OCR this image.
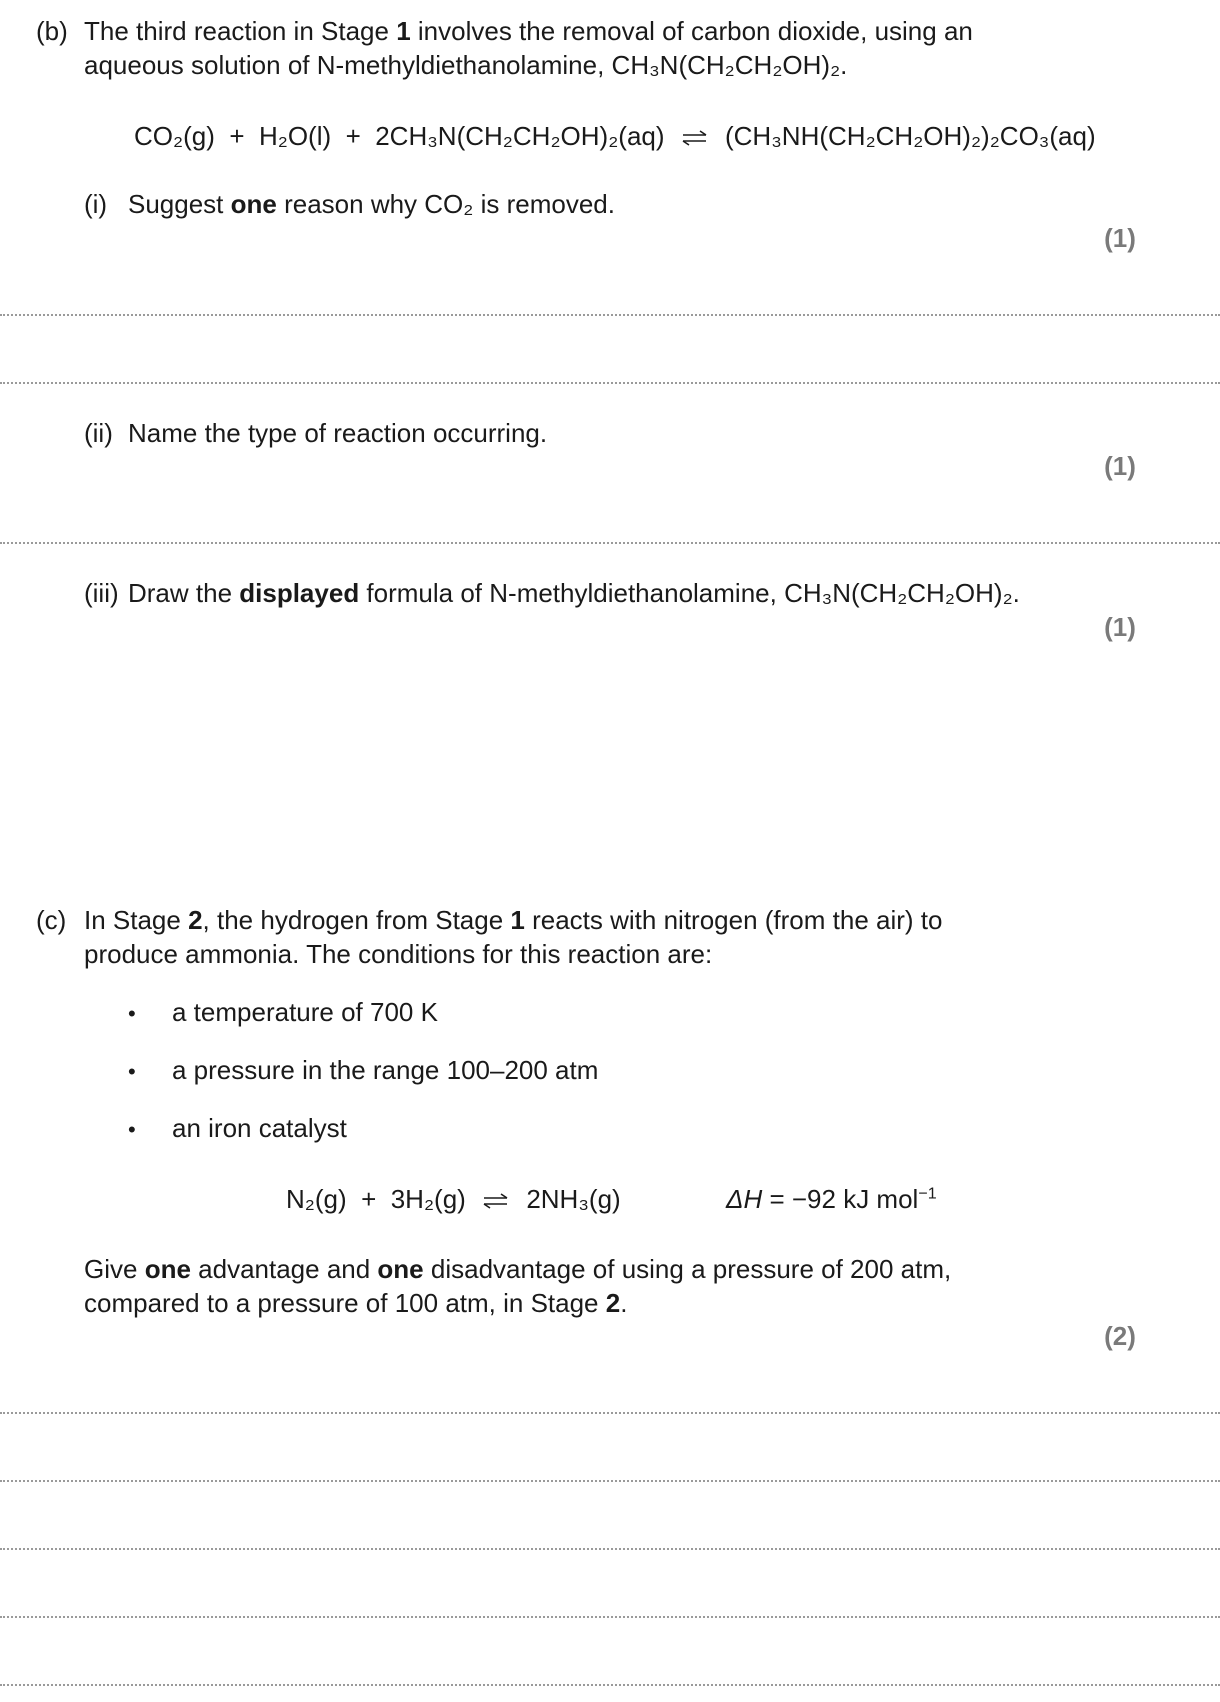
(b) The third reaction in Stage 1 involves the removal of carbon dioxide, using an
aqueous solution of N-methyldiethanolamine, CH₃N(CH₂CH₂OH)₂.
CO₂(g)  +  H₂O(l)  +  2CH₃N(CH₂CH₂OH)₂(aq) ⇌ (CH₃NH(CH₂CH₂OH)₂)₂CO₃(aq)
(i) Suggest one reason why CO₂ is removed.
(1)
(ii) Name the type of reaction occurring.
(1)
(iii) Draw the displayed formula of N-methyldiethanolamine, CH₃N(CH₂CH₂OH)₂.
(1)
(c) In Stage 2, the hydrogen from Stage 1 reacts with nitrogen (from the air) to
produce ammonia. The conditions for this reaction are:
• a temperature of 700 K
• a pressure in the range 100–200 atm
• an iron catalyst
N₂(g)  +  3H₂(g) ⇌ 2NH₃(g)	ΔH = −92 kJ mol$^{-1}$
Give one advantage and one disadvantage of using a pressure of 200 atm,
compared to a pressure of 100 atm, in Stage 2.
(2)
